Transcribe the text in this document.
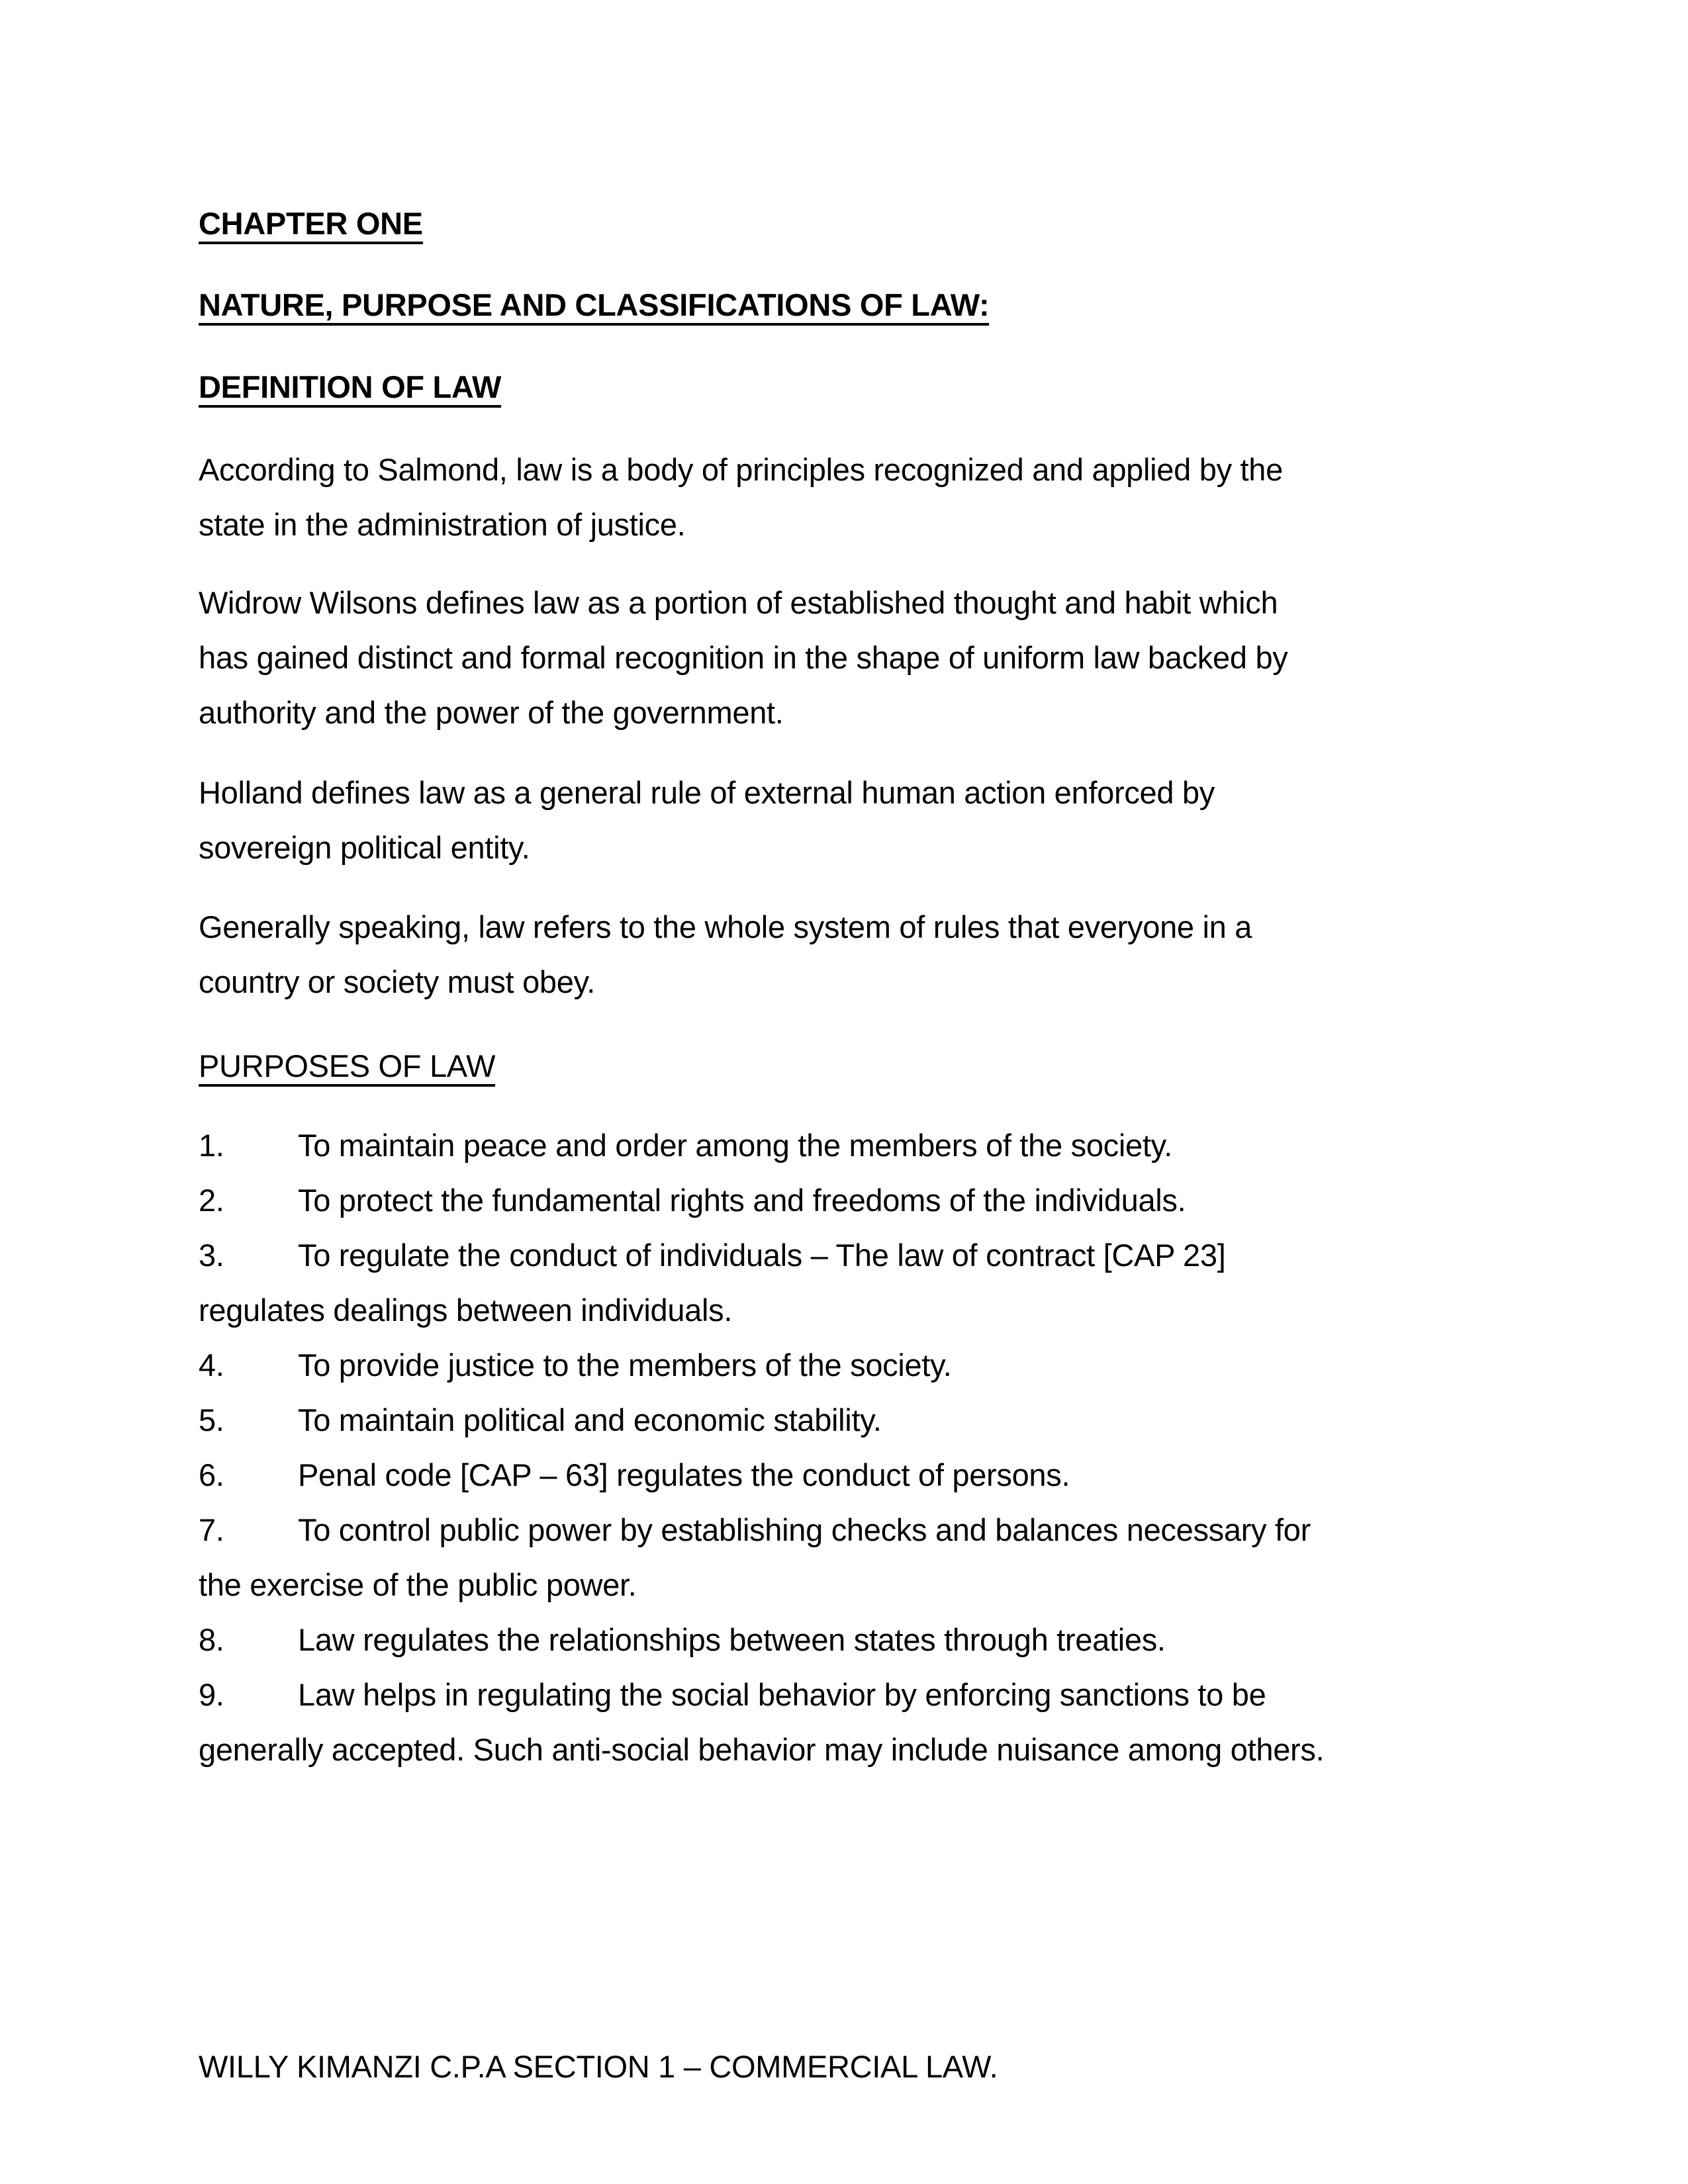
CHAPTER ONE
NATURE, PURPOSE AND CLASSIFICATIONS OF LAW:
DEFINITION OF LAW
According to Salmond, law is a body of principles recognized and applied by the
state in the administration of justice.
Widrow Wilsons defines law as a portion of established thought and habit which
has gained distinct and formal recognition in the shape of uniform law backed by
authority and the power of the government.
Holland defines law as a general rule of external human action enforced by
sovereign political entity.
Generally speaking, law refers to the whole system of rules that everyone in a
country or society must obey.
PURPOSES OF LAW
1. To maintain peace and order among the members of the society.
2. To protect the fundamental rights and freedoms of the individuals.
3. To regulate the conduct of individuals – The law of contract [CAP 23]
regulates dealings between individuals.
4. To provide justice to the members of the society.
5. To maintain political and economic stability.
6. Penal code [CAP – 63] regulates the conduct of persons.
7. To control public power by establishing checks and balances necessary for
the exercise of the public power.
8. Law regulates the relationships between states through treaties.
9. Law helps in regulating the social behavior by enforcing sanctions to be
generally accepted. Such anti-social behavior may include nuisance among others.
WILLY KIMANZI C.P.A SECTION 1 – COMMERCIAL LAW.
